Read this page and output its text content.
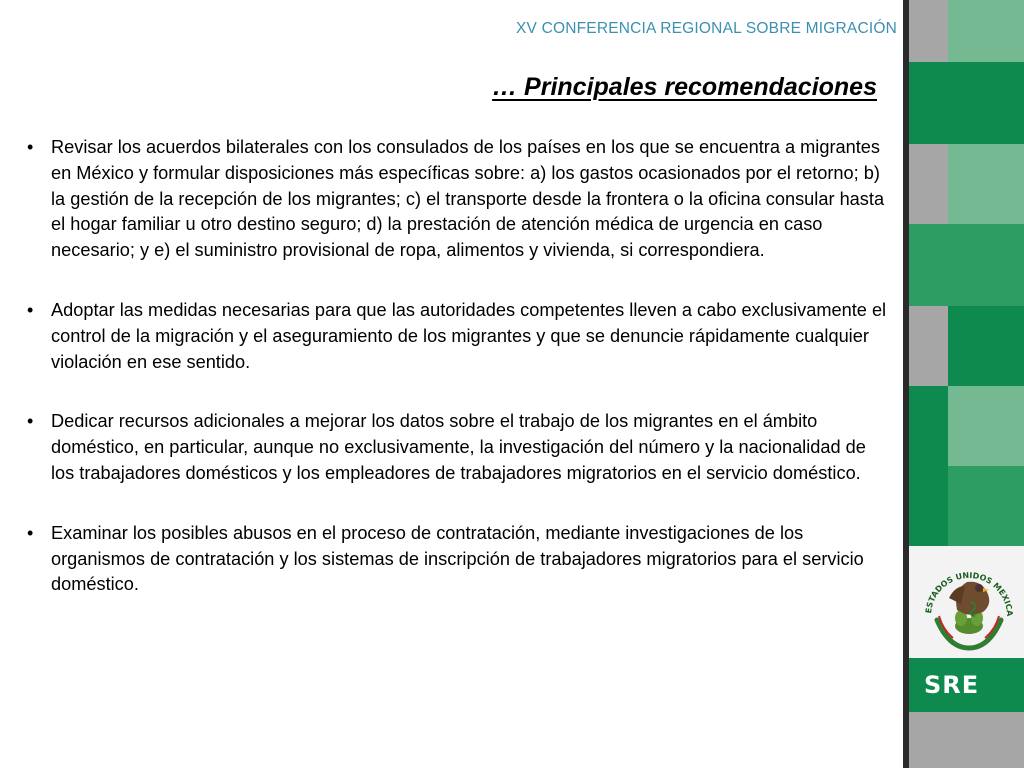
XV CONFERENCIA REGIONAL SOBRE MIGRACIÓN
… Principales recomendaciones
• Revisar los acuerdos bilaterales con los consulados de los países en los que se encuentra a migrantes en México y formular disposiciones más específicas sobre: a) los gastos ocasionados por el retorno; b) la gestión de la recepción de los migrantes; c) el transporte desde la frontera o la oficina consular hasta el hogar familiar u otro destino seguro; d) la prestación de atención médica de urgencia en caso necesario; y e) el suministro provisional de ropa, alimentos y vivienda, si correspondiera.
• Adoptar las medidas necesarias para que las autoridades competentes lleven a cabo exclusivamente el control de la migración y el aseguramiento de los migrantes y que se denuncie rápidamente cualquier violación en ese sentido.
• Dedicar recursos adicionales a mejorar los datos sobre el trabajo de los migrantes en el ámbito doméstico, en particular, aunque no exclusivamente, la investigación del número y la nacionalidad de los trabajadores domésticos y los empleadores de trabajadores migratorios en el servicio doméstico.
• Examinar los posibles abusos en el proceso de contratación, mediante investigaciones de los organismos de contratación y los sistemas de inscripción de trabajadores migratorios para el servicio doméstico.
ESTADOS UNIDOS MEXICA
SRE
